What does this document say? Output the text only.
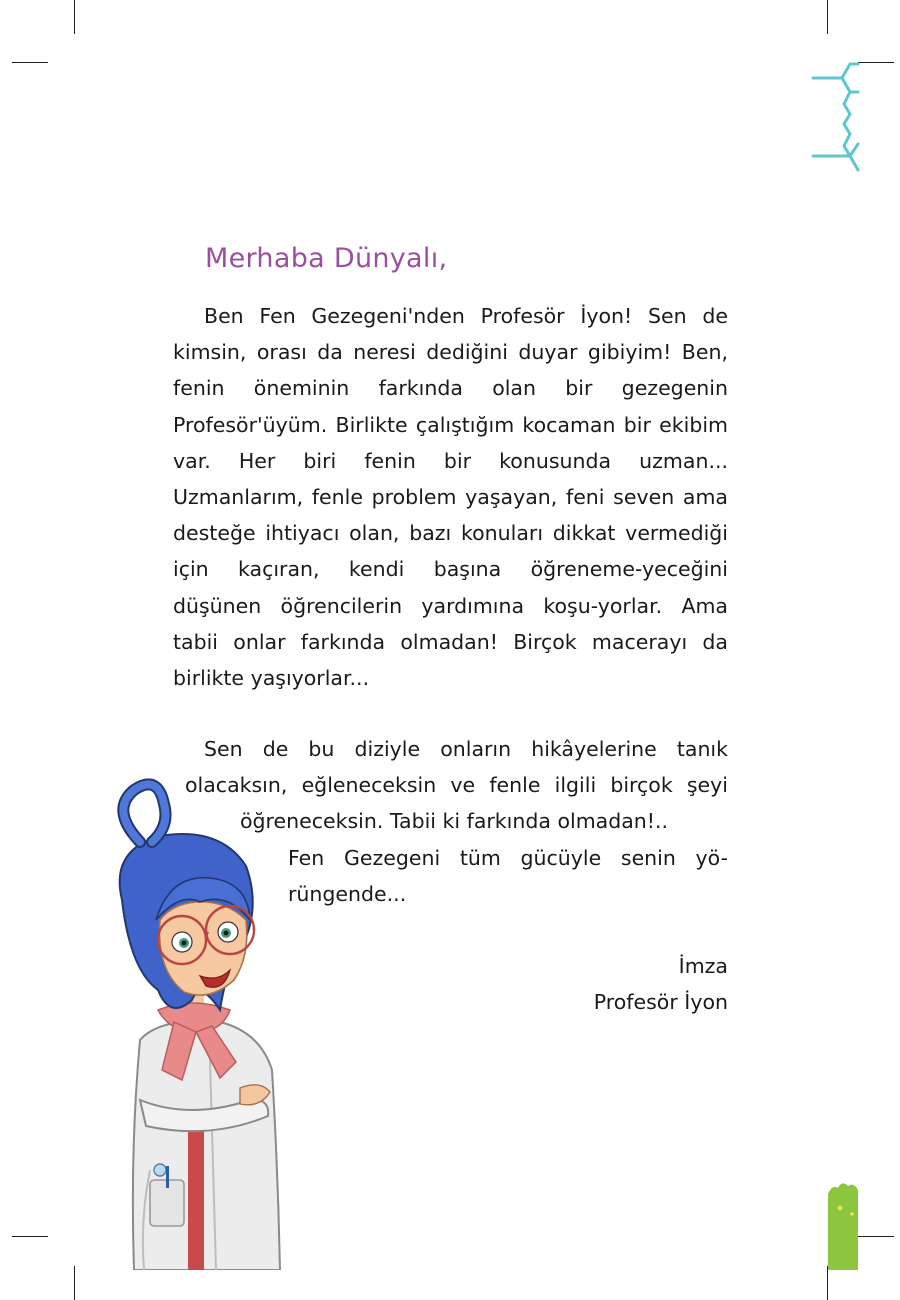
Merhaba Dünyalı,

Ben Fen Gezegeni'nden Profesör İyon! Sen de kimsin, orası da neresi dediğini duyar gibiyim! Ben, fenin öneminin farkında olan bir gezegenin Profesör'üyüm. Birlikte çalıştığım kocaman bir ekibim var. Her biri fenin bir konusunda uzman... Uzmanlarım, fenle problem yaşayan, feni seven ama desteğe ihtiyacı olan, bazı konuları dikkat vermediği için kaçıran, kendi başına öğreneme-yeceğini düşünen öğrencilerin yardımına koşu-yorlar. Ama tabii onlar farkında olmadan! Birçok macerayı da birlikte yaşıyorlar...

Sen de bu diziyle onların hikâyelerine tanık
olacaksın, eğleneceksin ve fenle ilgili birçok şeyi
öğreneceksin. Tabii ki farkında olmadan!..
Fen Gezegeni tüm gücüyle senin yö-
rüngende...
İmza
Profesör İyon
